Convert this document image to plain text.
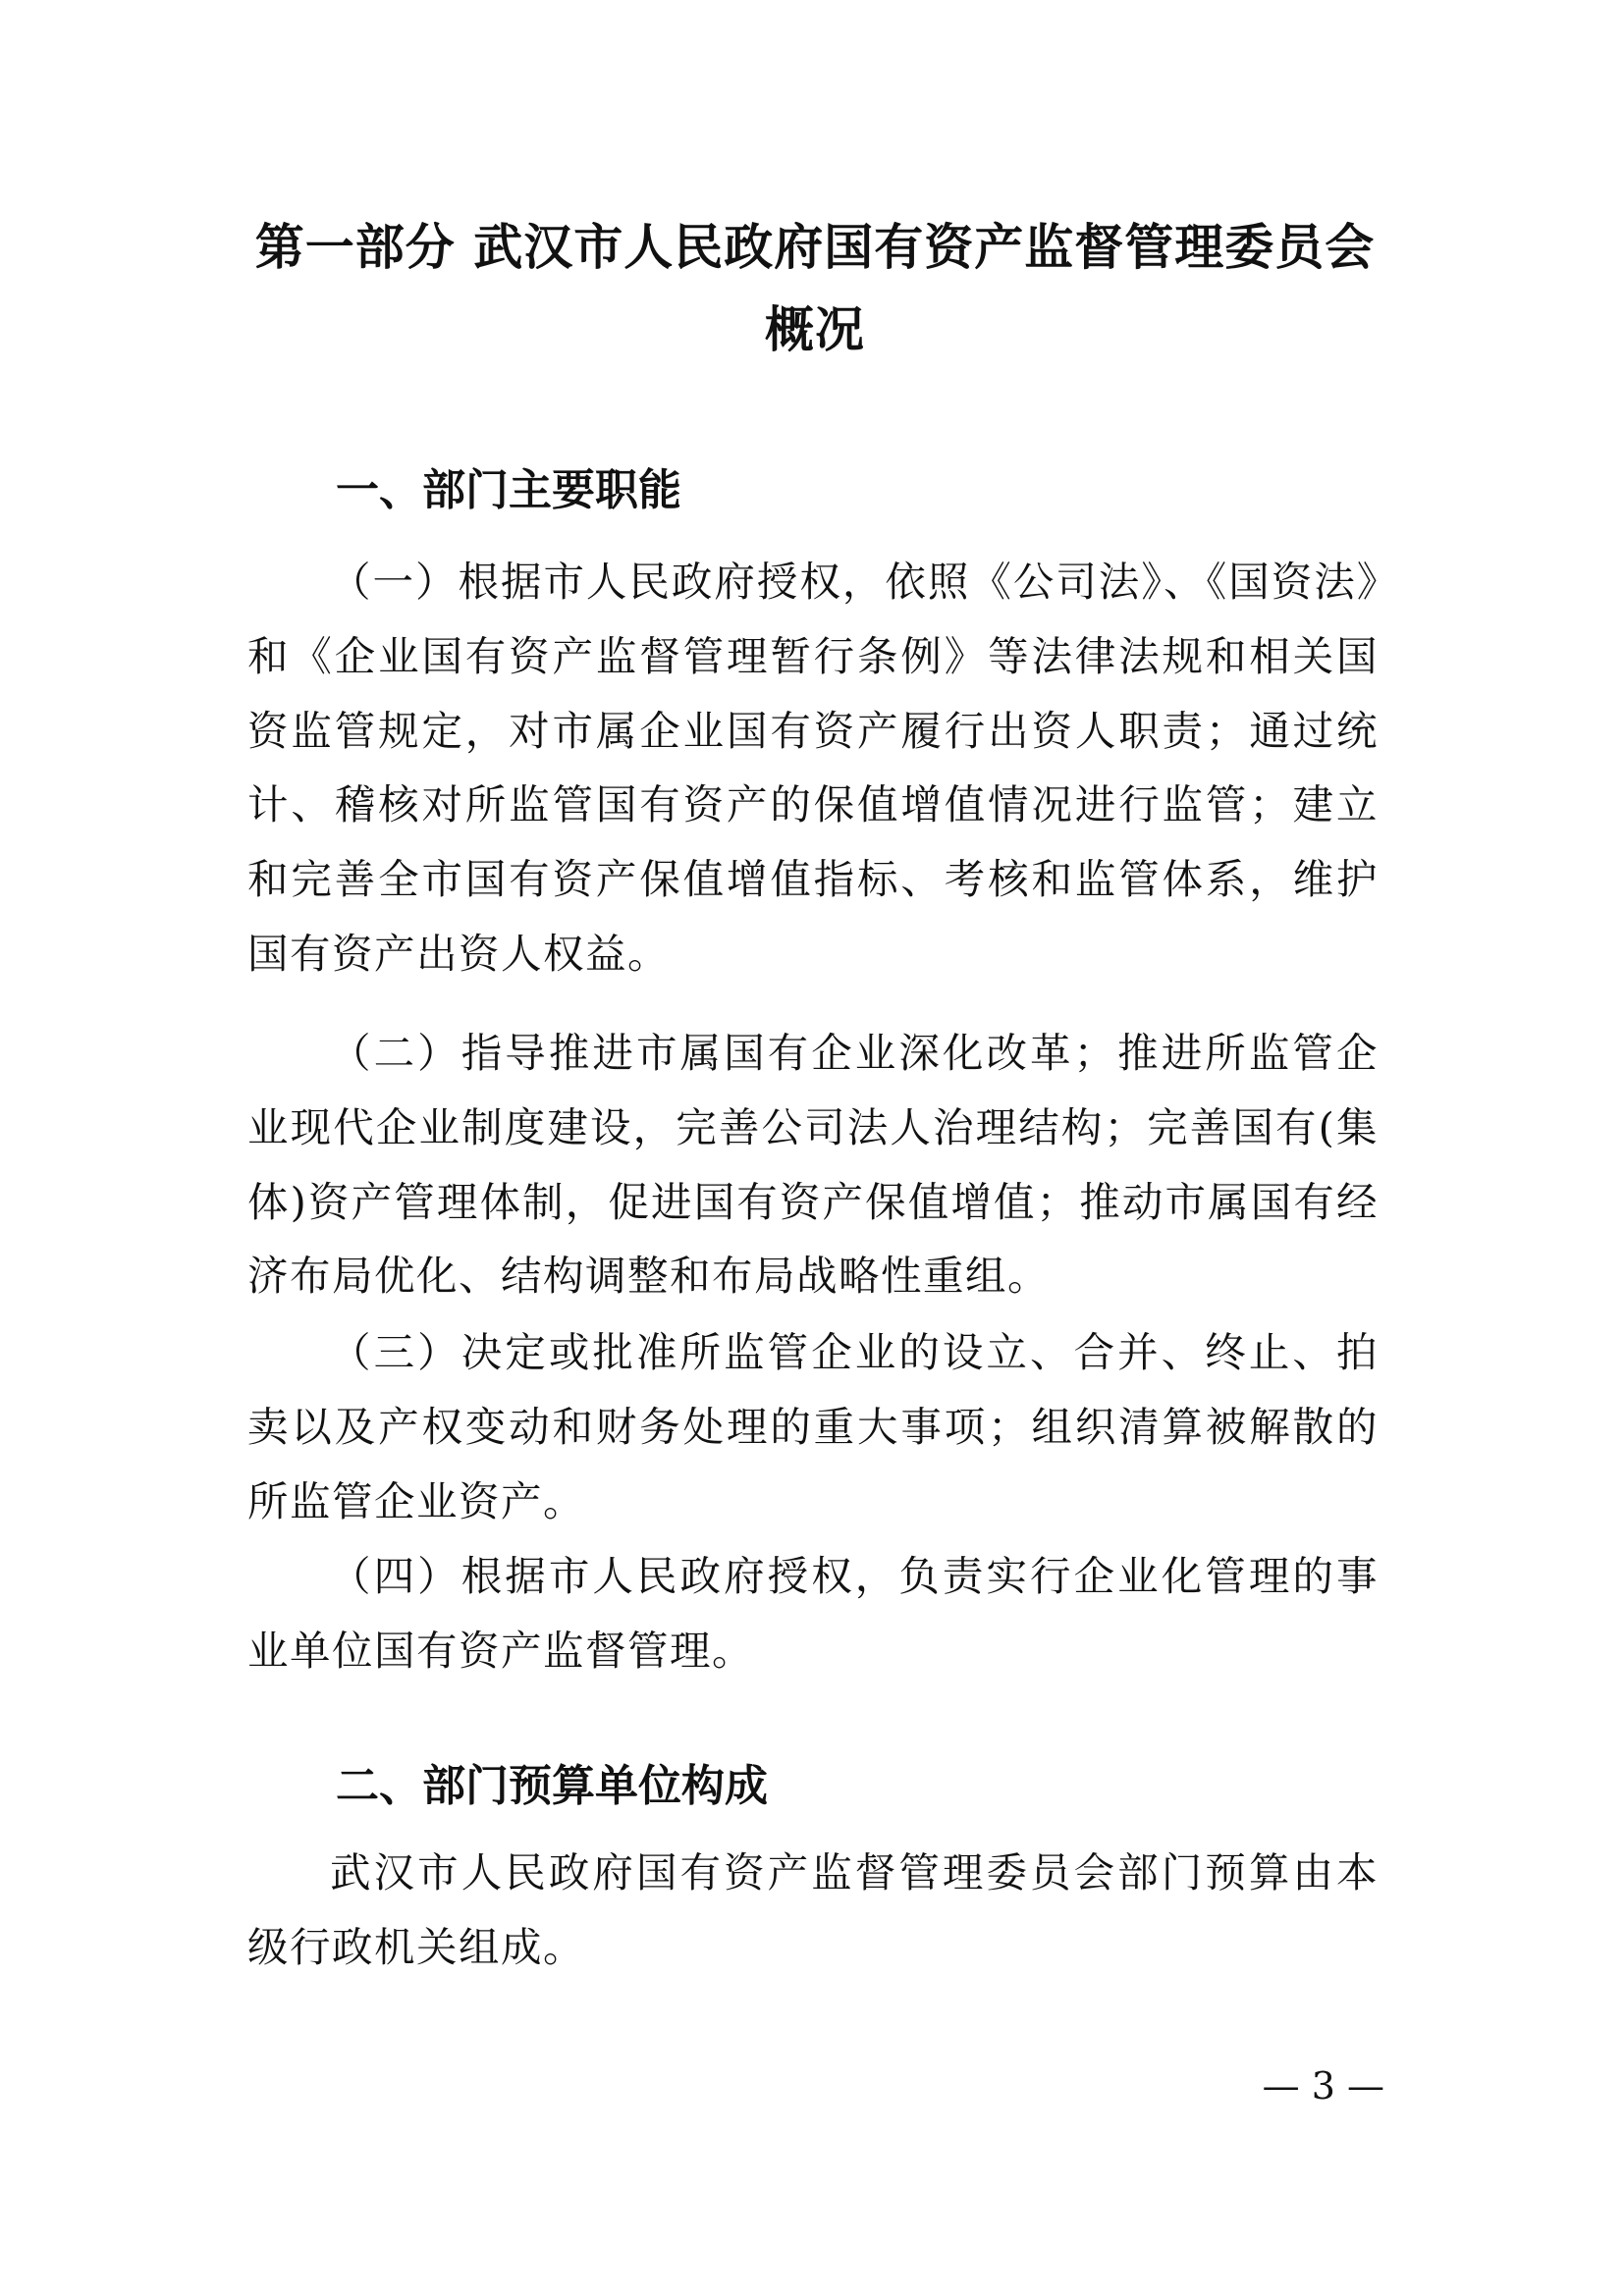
第一部分 武汉市人民政府国有资产监督管理委员会概况
一、部门主要职能

（一）根据市人民政府授权，依照《公司法》、《国资法》和《企业国有资产监督管理暂行条例》等法律法规和相关国资监管规定，对市属企业国有资产履行出资人职责；通过统计、稽核对所监管国有资产的保值增值情况进行监管；建立和完善全市国有资产保值增值指标、考核和监管体系，维护国有资产出资人权益。

（二）指导推进市属国有企业深化改革；推进所监管企业现代企业制度建设，完善公司法人治理结构；完善国有(集体)资产管理体制，促进国有资产保值增值；推动市属国有经济布局优化、结构调整和布局战略性重组。

（三）决定或批准所监管企业的设立、合并、终止、拍卖以及产权变动和财务处理的重大事项；组织清算被解散的所监管企业资产。

（四）根据市人民政府授权，负责实行企业化管理的事业单位国有资产监督管理。

二、部门预算单位构成

武汉市人民政府国有资产监督管理委员会部门预算由本级行政机关组成。

— 3 —
